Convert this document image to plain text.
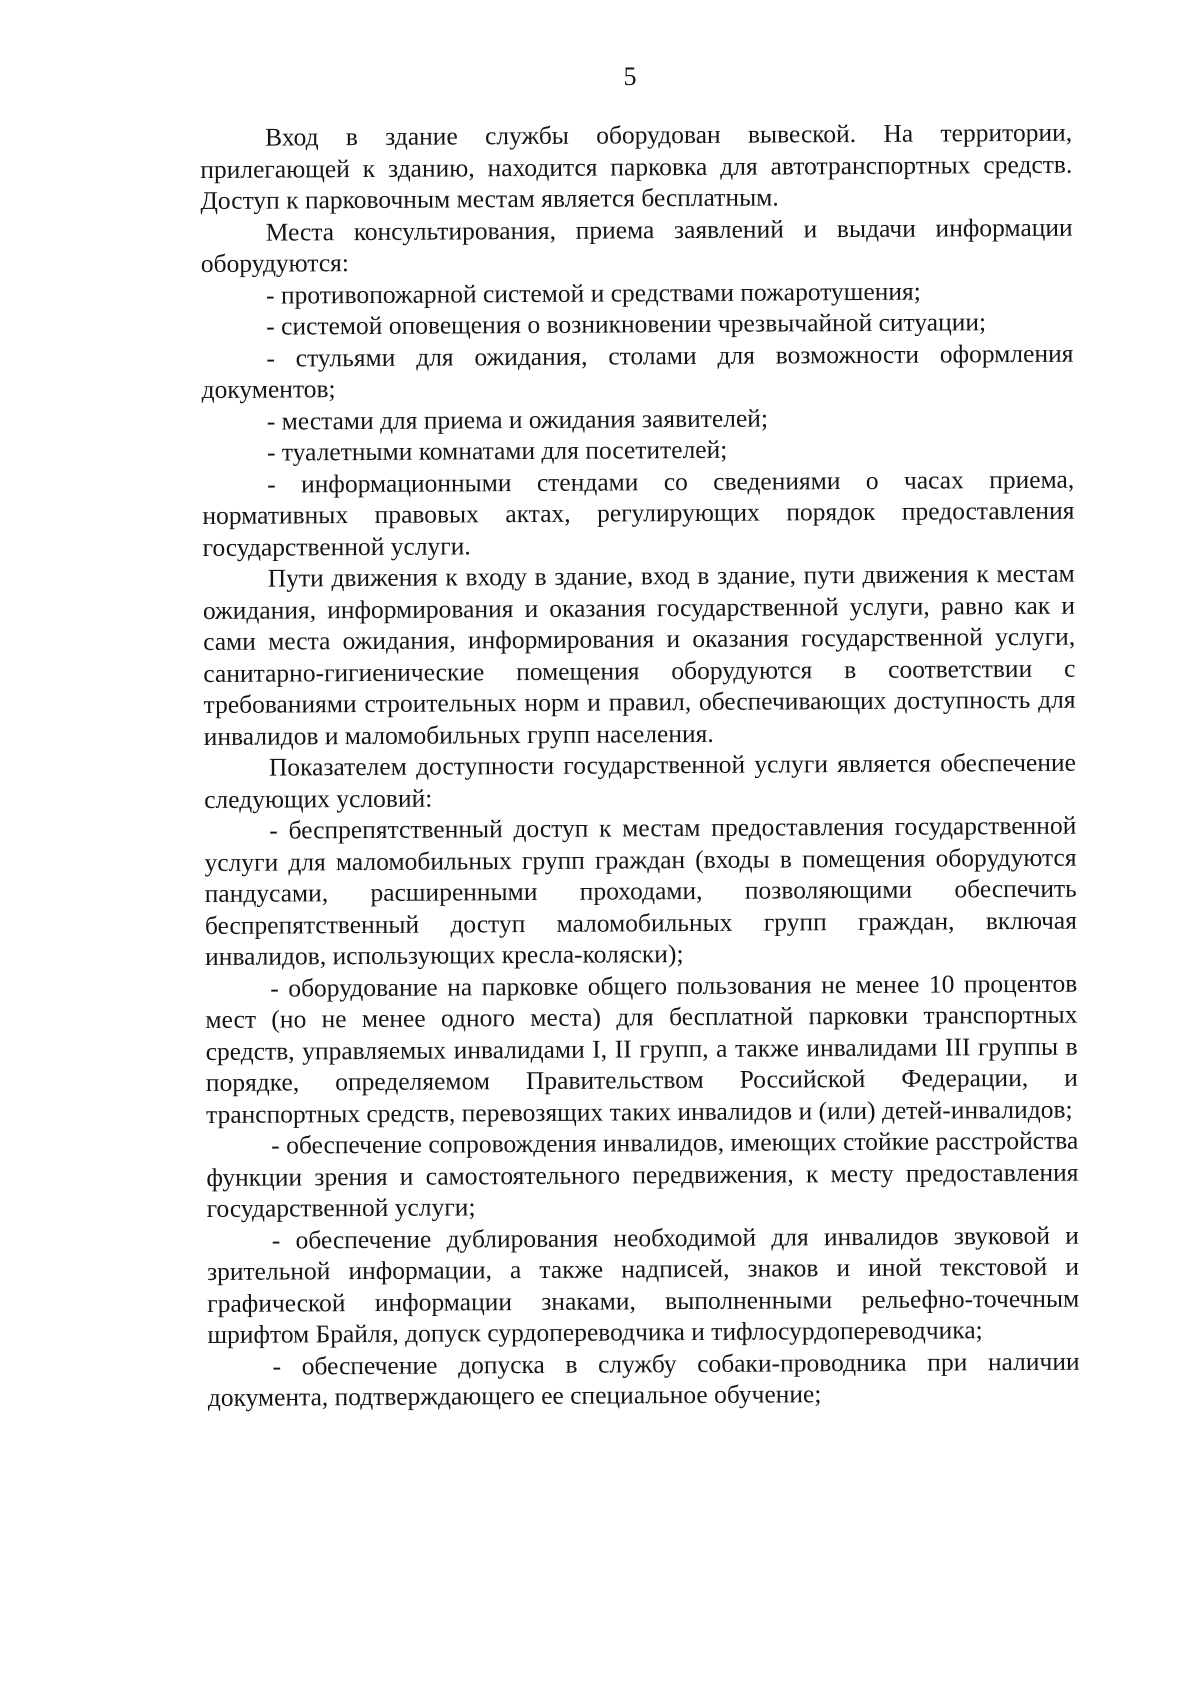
5

Вход в здание службы оборудован вывеской. На территории, прилегающей к зданию, находится парковка для автотранспортных средств. Доступ к парковочным местам является бесплатным.

Места консультирования, приема заявлений и выдачи информации оборудуются:

- противопожарной системой и средствами пожаротушения;

- системой оповещения о возникновении чрезвычайной ситуации;

- стульями для ожидания, столами для возможности оформления документов;

- местами для приема и ожидания заявителей;

- туалетными комнатами для посетителей;

- информационными стендами со сведениями о часах приема, нормативных правовых актах, регулирующих порядок предоставления государственной услуги.

Пути движения к входу в здание, вход в здание, пути движения к местам ожидания, информирования и оказания государственной услуги, равно как и сами места ожидания, информирования и оказания государственной услуги, санитарно-гигиенические помещения оборудуются в соответствии с требованиями строительных норм и правил, обеспечивающих доступность для инвалидов и маломобильных групп населения.

Показателем доступности государственной услуги является обеспечение следующих условий:

- беспрепятственный доступ к местам предоставления государственной услуги для маломобильных групп граждан (входы в помещения оборудуются пандусами, расширенными проходами, позволяющими обеспечить беспрепятственный доступ маломобильных групп граждан, включая инвалидов, использующих кресла-коляски);

- оборудование на парковке общего пользования не менее 10 процентов мест (но не менее одного места) для бесплатной парковки транспортных средств, управляемых инвалидами I, II групп, а также инвалидами III группы в порядке, определяемом Правительством Российской Федерации, и транспортных средств, перевозящих таких инвалидов и (или) детей-инвалидов;

- обеспечение сопровождения инвалидов, имеющих стойкие расстройства функции зрения и самостоятельного передвижения, к месту предоставления государственной услуги;

- обеспечение дублирования необходимой для инвалидов звуковой и зрительной информации, а также надписей, знаков и иной текстовой и графической информации знаками, выполненными рельефно-точечным шрифтом Брайля, допуск сурдопереводчика и тифлосурдопереводчика;

- обеспечение допуска в службу собаки-проводника при наличии документа, подтверждающего ее специальное обучение;
